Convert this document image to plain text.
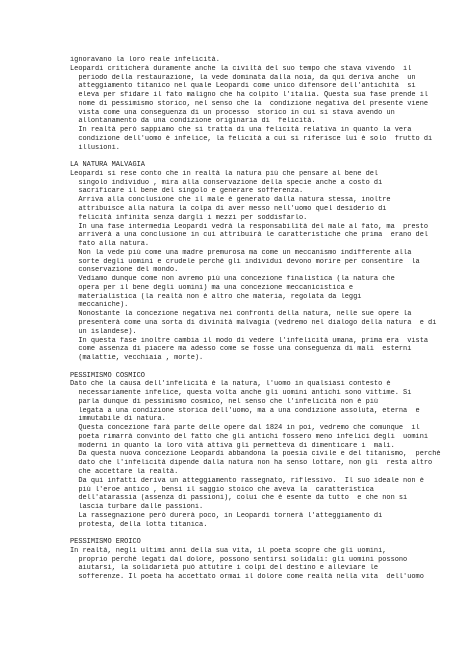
ignoravano la loro reale infelicità.
Leopardi criticherà duramente anche la civiltà del suo tempo che stava vivendo  il
periodo della restaurazione, la vede dominata dalla noia, da qui deriva anche  un
atteggiamento titanico nel quale Leopardi come unico difensore dell'antichità  si
eleva per sfidare il fato maligno che ha colpito l'italia. Questa sua fase prende il
nome di pessimismo storico, nel senso che la  condizione negativa del presente viene
vista come una conseguenza di un processo  storico in cui si stava avendo un
allontanamento da una condizione originaria di  felicità.
In realtà però sappiamo che si tratta di una felicità relativa in quanto la vera
condizione dell'uomo è infelice, la felicità a cui si riferisce lui è solo  frutto di
illusioni.
LA NATURA MALVAGIA
Leopardi si rese conto che in realtà la natura più che pensare al bene del
singolo individuo , mira alla conservazione della specie anche a costo di
sacrificare il bene del singolo e generare sofferenza.
Arriva alla conclusione che il male è generato dalla natura stessa, inoltre
attribuisce alla natura la colpa di aver messo nell'uomo quel desiderio di
felicità infinita senza dargli i mezzi per soddisfarlo.
In una fase intermedia Leopardi vedrà la responsabilità del male al fato, ma  presto
arriverà a una conclusione in cui attribuirà le caratteristiche che prima  erano del
fato alla natura.
Non la vede più come una madre premurosa ma come un meccanismo indifferente alla
sorte degli uomini e crudele perché gli individui devono morire per consentire  la
conservazione del mondo.
Vediamo dunque come non avremo più una concezione finalistica (la natura che
opera per il bene degli uomini) ma una concezione meccanicistica e
materialistica (la realtà non è altro che materia, regolata da leggi
meccaniche).
Nonostante la concezione negativa nei confronti della natura, nelle sue opere la
presenterà come una sorta di divinità malvagia (vedremo nel dialogo della natura  e di
un islandese).
In questa fase inoltre cambia il modo di vedere l'infelicità umana, prima era  vista
come assenza di piacere ma adesso come se fosse una conseguenza di mali  esterni
(malattie, vecchiaia , morte).
PESSIMISMO COSMICO
Dato che la causa dell'infelicità è la natura, l'uomo in qualsiasi contesto è
necessariamente infelice, questa volta anche gli uomini antichi sono vittime. Si
parla dunque di pessimismo cosmico, nel senso che l'infelicità non è più
legata a una condizione storica dell'uomo, ma a una condizione assoluta, eterna  e
immutabile di natura.
Questa concezione farà parte delle opere dal 1824 in poi, vedremo che comunque  il
poeta rimarrà convinto del fatto che gli antichi fossero meno infelici degli  uomini
moderni in quanto la loro vità attiva gli permetteva di dimenticare i  mali.
Da questa nuova concezione Leopardi abbandona la poesia civile e del titanismo,  perché
dato che l'infelicità dipende dalla natura non ha senso lottare, non gli  resta altro
che accettare la realtà.
Da qui infatti deriva un atteggiamento rassegnato, riflessivo.  Il suo ideale non è
più l'eroe antico , bensì il saggio stoico che aveva la  caratteristica
dell'atarassia (assenza di passioni), colui che è esente da tutto  e che non si
lascia turbare dalle passioni.
La rassegnazione però durerà poco, in Leopardi tornerà l'atteggiamento di
protesta, della lotta titanica.
PESSIMISMO EROICO
In realtà, negli ultimi anni della sua vita, il poeta scopre che gli uomini,
proprio perché legati dal dolore, possono sentirsi solidali: gli uomini possono
aiutarsi, la solidarietà può attutire i colpi del destino e alleviare le
sofferenze. Il poeta ha accettato ormai il dolore come realtà nella vita  dell'uomo
